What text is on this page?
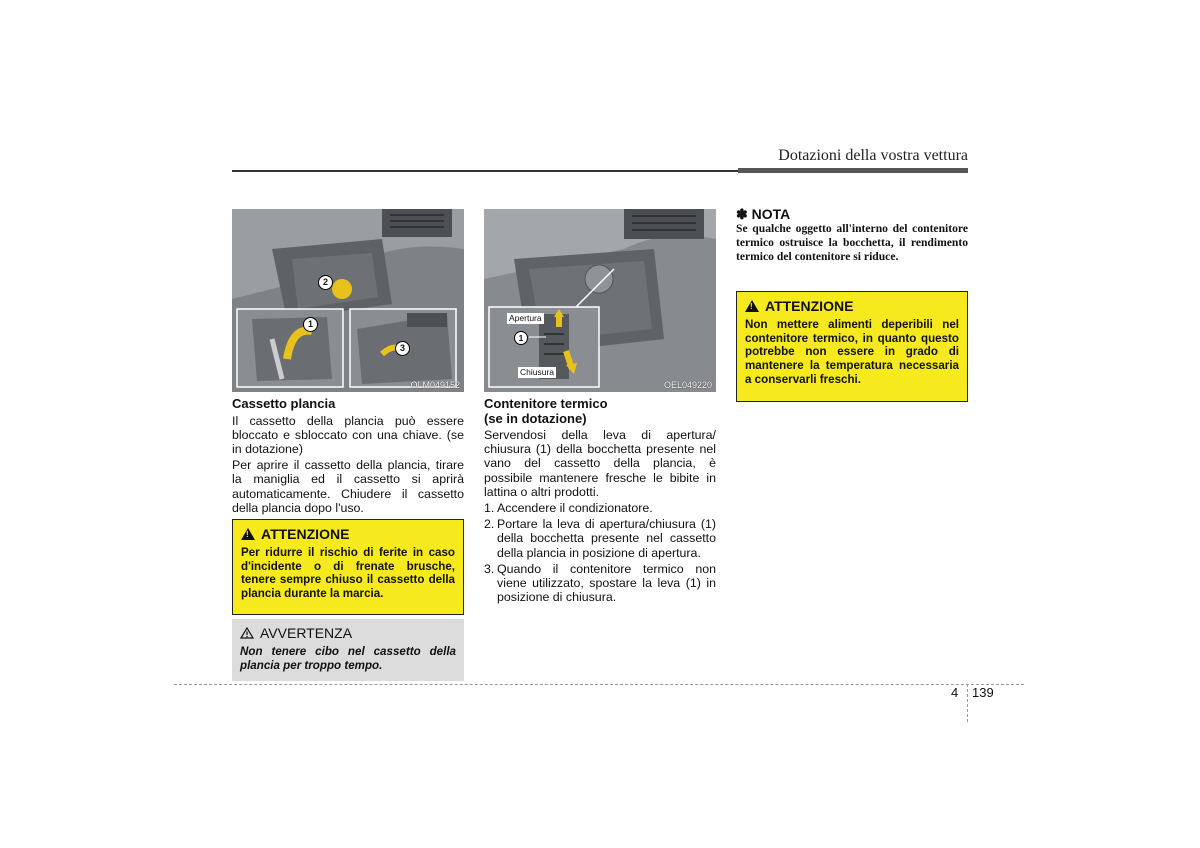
Dotazioni della vostra vettura
2
1
3
OLM049152

Cassetto plancia

Il cassetto della plancia può essere bloccato e sbloccato con una chiave. (se in dotazione)

Per aprire il cassetto della plancia, tirare la maniglia ed il cassetto si aprirà automaticamente. Chiudere il cassetto della plancia dopo l'uso.

!
ATTENZIONE
Per ridurre il rischio di ferite in caso d'incidente o di frenate brusche, tenere sempre chiuso il cassetto della plancia durante la marcia.
AVVERTENZA
Non tenere cibo nel cassetto della plancia per troppo tempo.
Apertura
Chiusura
1
OEL049220

Contenitore termico

(se in dotazione)

Servendosi della leva di apertura/ chiusura (1) della bocchetta presente nel vano del cassetto della plancia, è possibile mantenere fresche le bibite in lattina o altri prodotti.

1. Accendere il condizionatore.
2. Portare la leva di apertura/chiusura (1) della bocchetta presente nel cassetto della plancia in posizione di apertura.
3. Quando il contenitore termico non viene utilizzato, spostare la leva (1) in posizione di chiusura.

✽ NOTA

Se qualche oggetto all'interno del contenitore termico ostruisce la bocchetta, il rendimento termico del contenitore si riduce.

!
ATTENZIONE
Non mettere alimenti deperibili nel contenitore termico, in quanto questo potrebbe non essere in grado di mantenere la temperatura necessaria a conservarli freschi.
4 139
